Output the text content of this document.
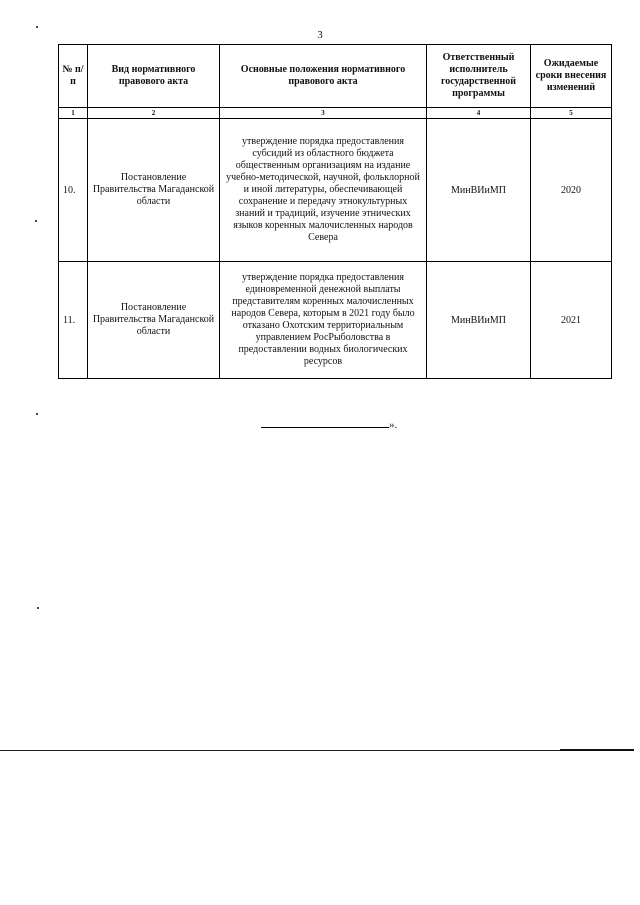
3
№ п/п	Вид нормативного правового акта	Основные положения нормативного правового акта	Ответственный исполнитель государственной программы	Ожидаемые сроки внесения изменений
1	2	3	4	5
10.	Постановление Правительства Магаданской области	утверждение порядка предоставления субсидий из областного бюджета общественным организациям на издание учебно-методической, научной, фольклорной и иной литературы, обеспечивающей сохранение и передачу этнокультурных знаний и традиций, изучение этнических языков коренных малочисленных народов Севера	МинВИиМП	2020
11.	Постановление Правительства Магаданской области	утверждение порядка предоставления единовременной денежной выплаты представителям коренных малочисленных народов Севера, которым в 2021 году было отказано Охотским территориальным управлением РосРыболовства в предоставлении водных биологических ресурсов	МинВИиМП	2021
».
